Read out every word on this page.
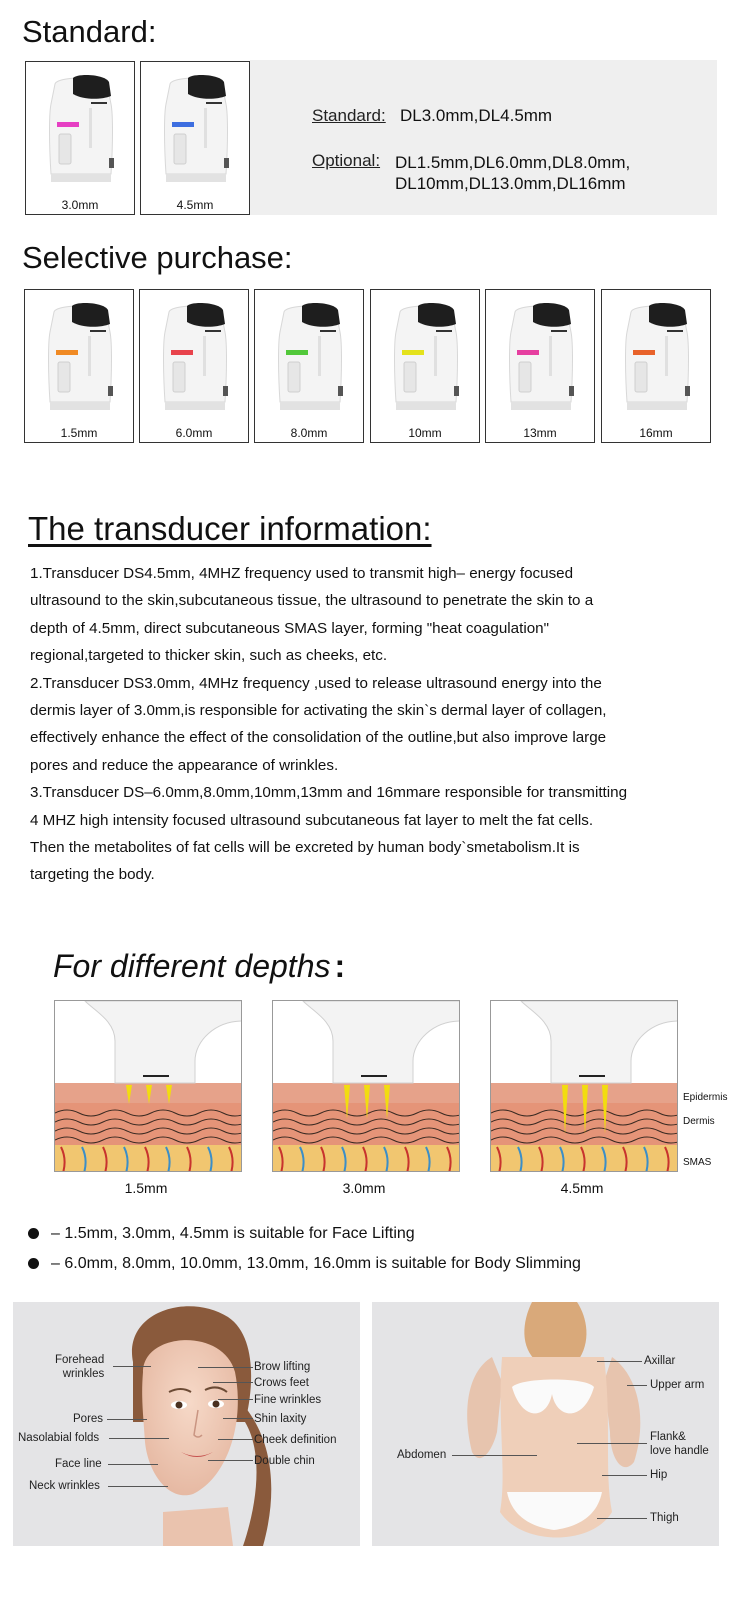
Standard:
3.0mm	4.5mm
Standard: DL3.0mm,DL4.5mm
Optional: DL1.5mm,DL6.0mm,DL8.0mm,
DL10mm,DL13.0mm,DL16mm
Selective purchase:
1.5mm	6.0mm	8.0mm	10mm	13mm	16mm
The transducer information:
1.Transducer DS4.5mm, 4MHZ frequency used to transmit high– energy focused
ultrasound to the skin,subcutaneous tissue, the ultrasound to penetrate the skin to a
depth of 4.5mm, direct subcutaneous SMAS layer, forming "heat coagulation"
regional,targeted to thicker skin, such as cheeks, etc.
2.Transducer DS3.0mm, 4MHz frequency ,used to release ultrasound energy into the
dermis layer of 3.0mm,is responsible for activating the skin`s dermal layer of collagen,
effectively enhance the effect of the consolidation of the outline,but also improve large
pores and reduce the appearance of wrinkles.
3.Transducer DS–6.0mm,8.0mm,10mm,13mm and 16mmare responsible for transmitting
4 MHZ high intensity focused ultrasound subcutaneous fat layer to melt the fat cells.
Then the metabolites of fat cells will be excreted by human body`smetabolism.It is
targeting the body.
For different depths :
1.5mm	3.0mm	4.5mm
Epidermis
Dermis
SMAS
– 1.5mm, 3.0mm, 4.5mm is suitable for Face Lifting
– 6.0mm, 8.0mm, 10.0mm, 13.0mm, 16.0mm is suitable for Body Slimming
Forehead
wrinkles
Pores
Nasolabial folds
Face line
Neck wrinkles
Brow lifting
Crows feet
Fine wrinkles
Shin laxity
Cheek definition
Double chin
Axillar
Upper arm
Flank&
love handle
Abdomen
Hip
Thigh
